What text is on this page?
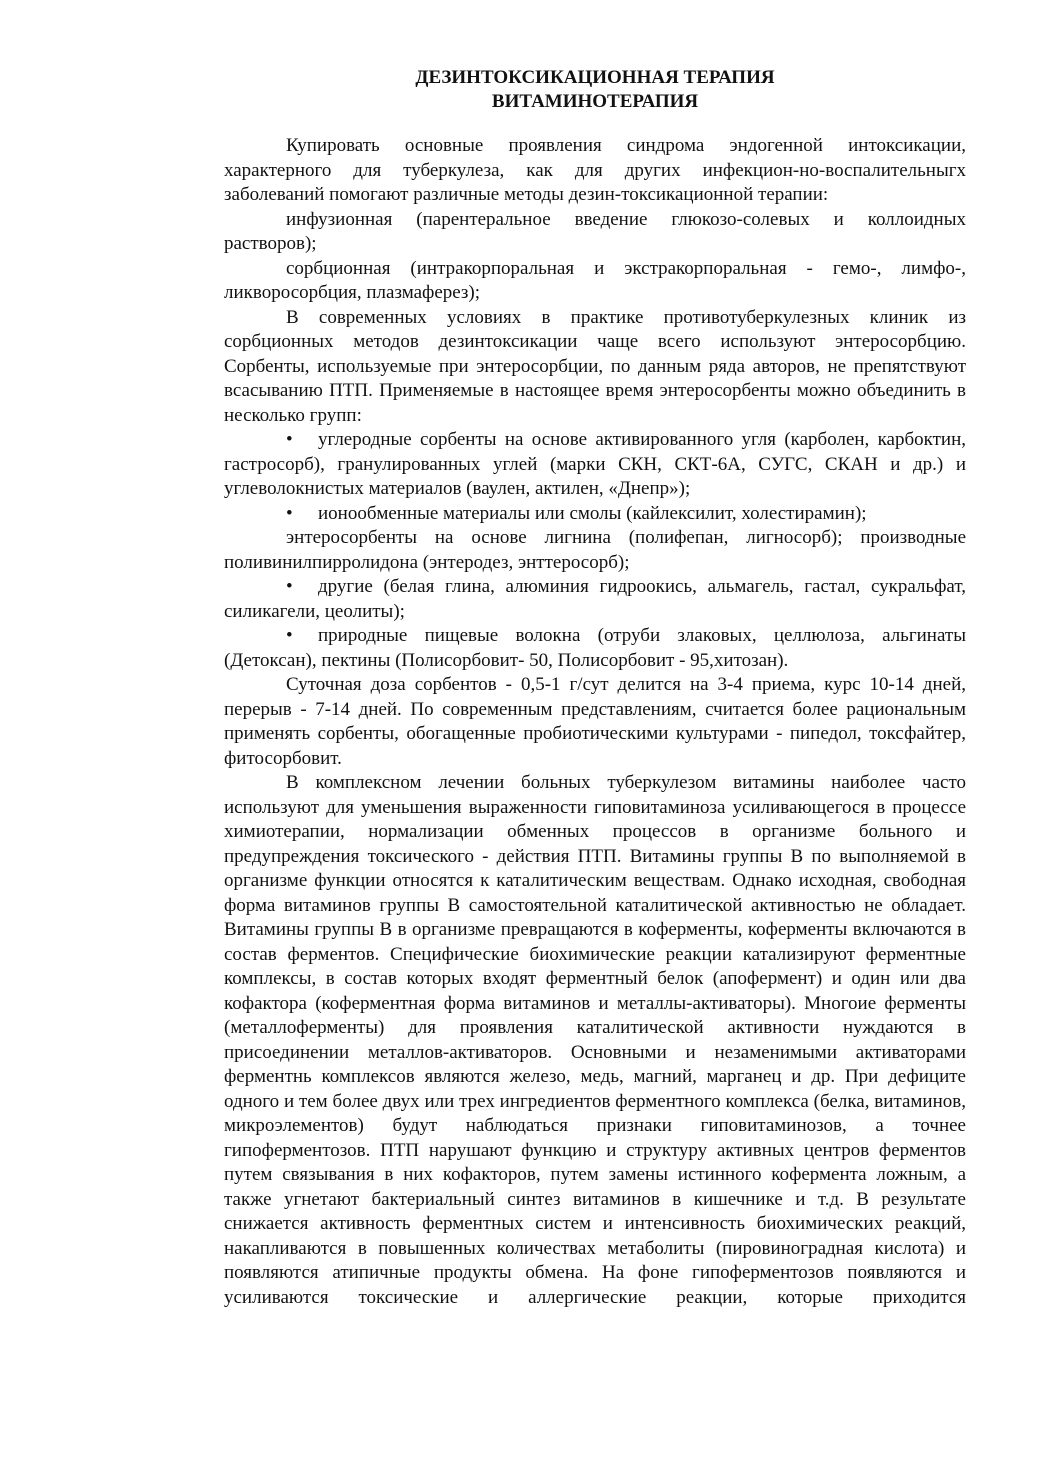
ДЕЗИНТОКСИКАЦИОННАЯ ТЕРАПИЯ
ВИТАМИНОТЕРАПИЯ

Купировать основные проявления синдрома эндогенной интоксикации, характерного для туберкулеза, как для других инфекцион-но-воспалительныгх заболеваний помогают различные методы дезин-токсикационной терапии:

инфузионная (парентеральное введение глюкозо-солевых и коллоидных растворов);

сорбционная (интракорпоральная и экстракорпоральная - гемо-, лимфо-, ликворосорбция, плазмаферез);

В современных условиях в практике противотуберкулезных клиник из сорбционных методов дезинтоксикации чаще всего используют энтеросорбцию. Сорбенты, используемые при энтеросорбции, по данным ряда авторов, не препятствуют всасыванию ПТП. Применяемые в настоящее время энтеросорбенты можно объединить в несколько групп:

• углеродные сорбенты на основе активированного угля (карболен, карбоктин, гастросорб), гранулированных углей (марки СКН, СКТ-6А, СУГС, СКАН и др.) и углеволокнистых материалов (ваулен, актилен, «Днепр»);

• ионообменные материалы или смолы (кайлексилит, холестирамин);

энтеросорбенты на основе лигнина (полифепан, лигносорб); производные поливинилпирролидона (энтеродез, энттеросорб);

• другие (белая глина, алюминия гидроокись, альмагель, гастал, сукральфат, силикагели, цеолиты);

• природные пищевые волокна (отруби злаковых, целлюлоза, альгинаты (Детоксан), пектины (Полисорбовит- 50, Полисорбовит - 95,хитозан).

Суточная доза сорбентов - 0,5-1 г/сут делится на 3-4 приема, курс 10-14 дней, перерыв - 7-14 дней. По современным представлениям, считается более рациональным применять сорбенты, обогащенные пробиотическими культурами - пипедол, токсфайтер, фитосорбовит.

В комплексном лечении больных туберкулезом витамины наиболее часто используют для уменьшения выраженности гиповитаминоза усиливающегося в процессе химиотерапии, нормализации обменных процессов в организме больного и предупреждения токсического - действия ПТП. Витамины группы В по выполняемой в организме функции относятся к каталитическим веществам. Однако исходная, свободная форма витаминов группы В самостоятельной каталитической активностью не обладает. Витамины группы В в организме превращаются в коферменты, коферменты включаются в состав ферментов. Специфические биохимические реакции катализируют ферментные комплексы, в состав которых входят ферментный белок (апофермент) и один или два кофактора (коферментная форма витаминов и металлы-активаторы). Многоие ферменты (металлоферменты) для проявления каталитической активности нуждаются в присоединении металлов-активаторов. Основными и незаменимыми активаторами ферментнь комплексов являются железо, медь, магний, марганец и др. При дефиците одного и тем более двух или трех ингредиентов ферментного комплекса (белка, витаминов, микроэлементов) будут наблюдаться признаки гиповитаминозов, а точнее гипоферментозов. ПТП нарушают функцию и структуру активных центров ферментов путем связывания в них кофакторов, путем замены истинного кофермента ложным, а также угнетают бактериальный синтез витаминов в кишечнике и т.д. В результате снижается активность ферментных систем и интенсивность биохимических реакций, накапливаются в повышенных количествах метаболиты (пировиноградная кислота) и появляются атипичные продукты обмена. На фоне гипоферментозов появляются и усиливаются токсические и аллергические реакции, которые приходится
